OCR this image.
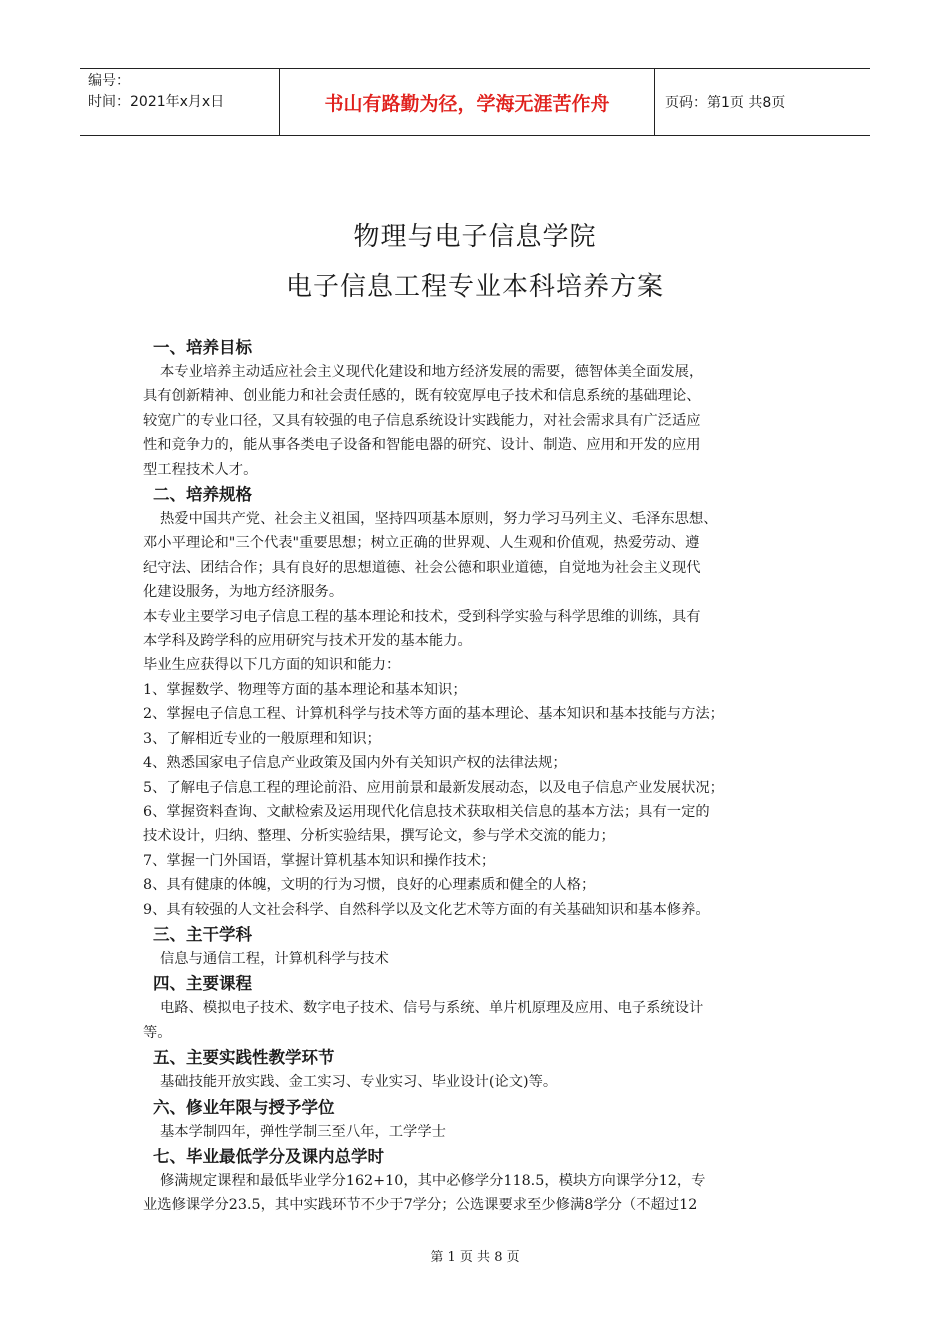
编号：
时间：2021年x月x日	书山有路勤为径，学海无涯苦作舟	页码：第1页 共8页
物理与电子信息学院
电子信息工程专业本科培养方案

一、培养目标

本专业培养主动适应社会主义现代化建设和地方经济发展的需要，德智体美全面发展，

具有创新精神、创业能力和社会责任感的，既有较宽厚电子技术和信息系统的基础理论、

较宽广的专业口径，又具有较强的电子信息系统设计实践能力，对社会需求具有广泛适应

性和竞争力的，能从事各类电子设备和智能电器的研究、设计、制造、应用和开发的应用

型工程技术人才。

二、培养规格

热爱中国共产党、社会主义祖国，坚持四项基本原则，努力学习马列主义、毛泽东思想、

邓小平理论和"三个代表"重要思想；树立正确的世界观、人生观和价值观，热爱劳动、遵

纪守法、团结合作；具有良好的思想道德、社会公德和职业道德，自觉地为社会主义现代

化建设服务，为地方经济服务。

本专业主要学习电子信息工程的基本理论和技术，受到科学实验与科学思维的训练，具有

本学科及跨学科的应用研究与技术开发的基本能力。

毕业生应获得以下几方面的知识和能力：

1、掌握数学、物理等方面的基本理论和基本知识；

2、掌握电子信息工程、计算机科学与技术等方面的基本理论、基本知识和基本技能与方法；

3、了解相近专业的一般原理和知识；

4、熟悉国家电子信息产业政策及国内外有关知识产权的法律法规；

5、了解电子信息工程的理论前沿、应用前景和最新发展动态，以及电子信息产业发展状况；

6、掌握资料查询、文献检索及运用现代化信息技术获取相关信息的基本方法；具有一定的

技术设计，归纳、整理、分析实验结果，撰写论文，参与学术交流的能力；

7、掌握一门外国语，掌握计算机基本知识和操作技术；

8、具有健康的体魄，文明的行为习惯，良好的心理素质和健全的人格；

9、具有较强的人文社会科学、自然科学以及文化艺术等方面的有关基础知识和基本修养。

三、主干学科

信息与通信工程，计算机科学与技术

四、主要课程

电路、模拟电子技术、数字电子技术、信号与系统、单片机原理及应用、电子系统设计

等。

五、主要实践性教学环节

基础技能开放实践、金工实习、专业实习、毕业设计(论文)等。

六、修业年限与授予学位

基本学制四年，弹性学制三至八年，工学学士

七、毕业最低学分及课内总学时

修满规定课程和最低毕业学分162+10，其中必修学分118.5，模块方向课学分12，专

业选修课学分23.5，其中实践环节不少于7学分；公选课要求至少修满8学分（不超过12

第 1 页 共 8 页
